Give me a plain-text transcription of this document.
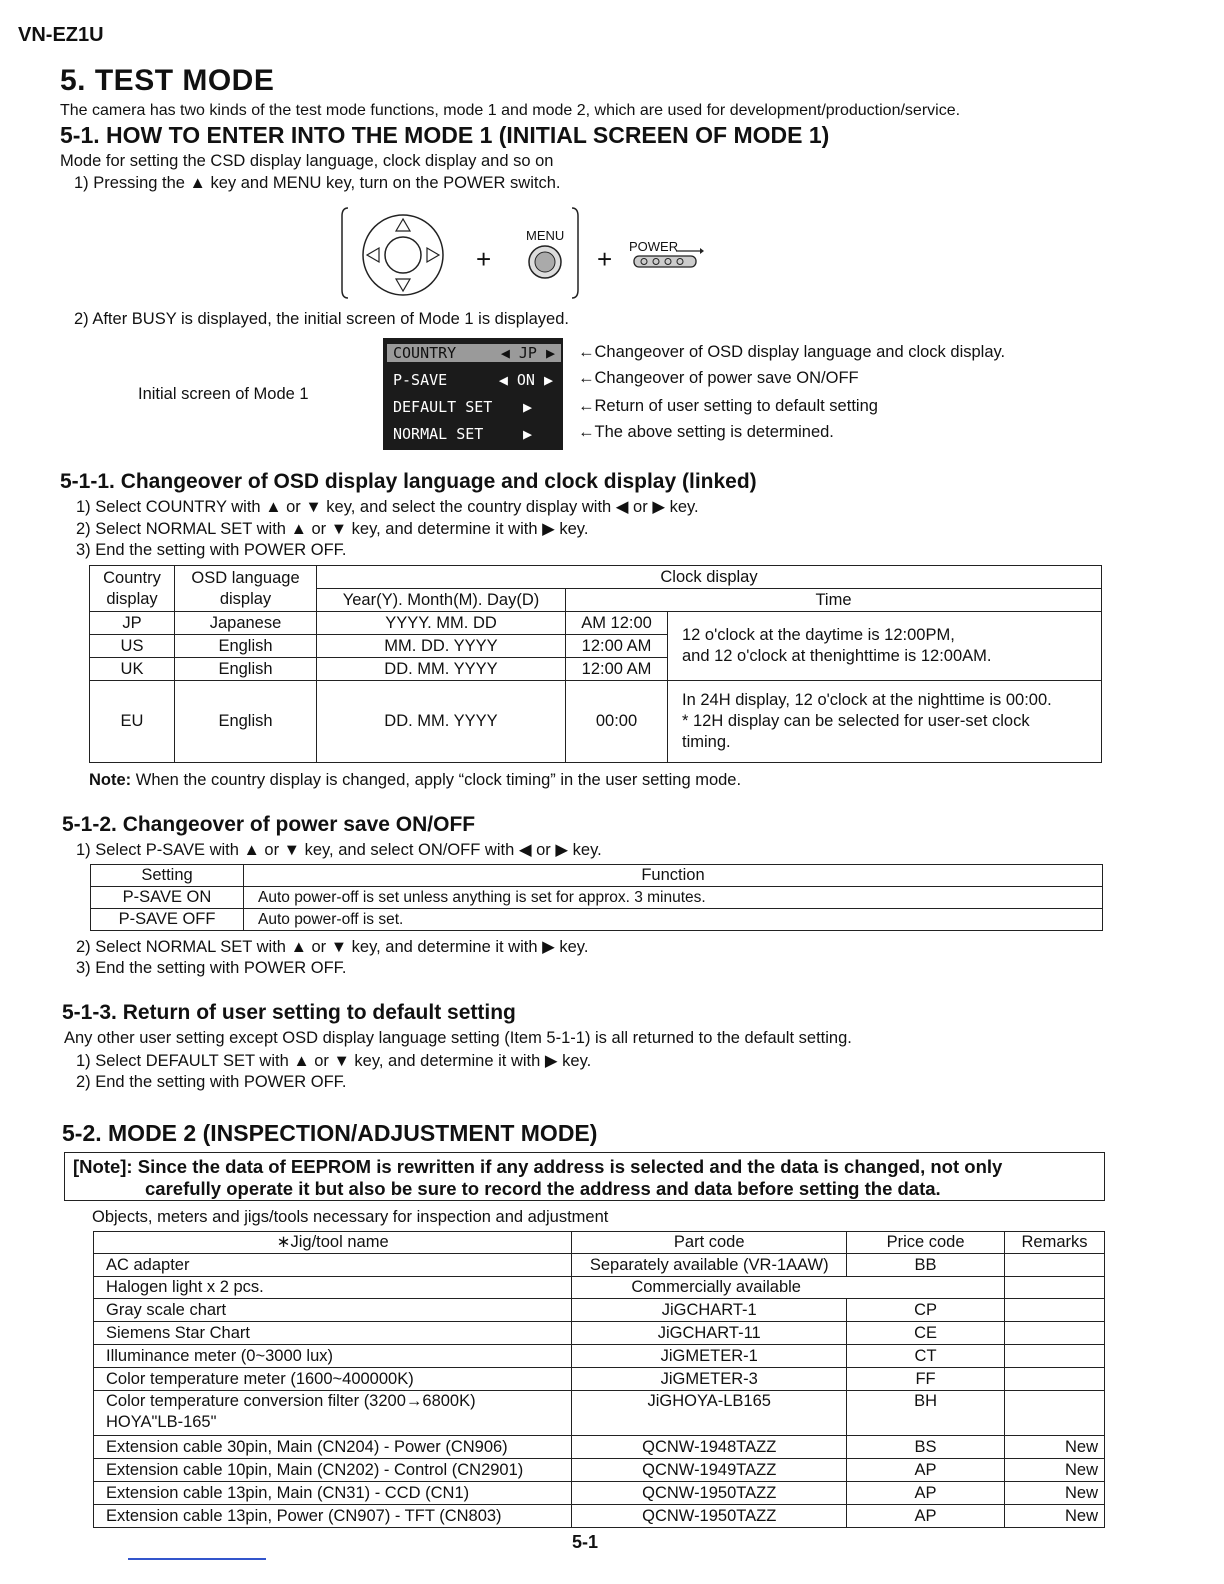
VN-EZ1U
5. TEST MODE
The camera has two kinds of the test mode functions, mode 1 and mode 2, which are used for development/production/service.
5-1. HOW TO ENTER INTO THE MODE 1 (INITIAL SCREEN OF MODE 1)
Mode for setting the CSD display language, clock display and so on
1) Pressing the ▲ key and MENU key, turn on the POWER switch.
+
MENU
+ POWER
2) After BUSY is displayed, the initial screen of Mode 1 is displayed.
Initial screen of Mode 1
COUNTRY	◀ JP ▶
P-SAVE	◀ ON ▶
DEFAULT SET ▶
NORMAL SET	▶
←Changeover of OSD display language and clock display.
←Changeover of power save ON/OFF
←Return of user setting to default setting
←The above setting is determined.
5-1-1. Changeover of OSD display language and clock display (linked)
1) Select COUNTRY with ▲ or ▼ key, and select the country display with ◀ or ▶ key.
2) Select NORMAL SET with ▲ or ▼ key, and determine it with ▶ key.
3) End the setting with POWER OFF.
Country display	OSD language display	Clock display		
		Year(Y). Month(M). Day(D)	Time	
JP	Japanese	YYYY. MM. DD	AM 12:00	12 o'clock at the daytime is 12:00PM,
and 12 o'clock at thenighttime is 12:00AM.

US	English	MM. DD. YYYY	12:00 AM	
UK	English	DD. MM. YYYY	12:00 AM	
EU	English	DD. MM. YYYY	00:00	In 24H display, 12 o'clock at the nighttime is 00:00.
* 12H display can be selected for user-set clock timing.
Note: When the country display is changed, apply “clock timing” in the user setting mode.
5-1-2. Changeover of power save ON/OFF
1) Select P-SAVE with ▲ or ▼ key, and select ON/OFF with ◀ or ▶ key.
Setting	Function
P-SAVE ON	Auto power-off is set unless anything is set for approx. 3 minutes.
P-SAVE OFF	Auto power-off is set.
2) Select NORMAL SET with ▲ or ▼ key, and determine it with ▶ key.
3) End the setting with POWER OFF.
5-1-3. Return of user setting to default setting
Any other user setting except OSD display language setting (Item 5-1-1) is all returned to the default setting.
1) Select DEFAULT SET with ▲ or ▼ key, and determine it with ▶ key.
2) End the setting with POWER OFF.
5-2. MODE 2 (INSPECTION/ADJUSTMENT MODE)
[Note]: Since the data of EEPROM is rewritten if any address is selected and the data is changed, not only
carefully operate it but also be sure to record the address and data before setting the data.
Objects, meters and jigs/tools necessary for inspection and adjustment
∗Jig/tool name	Part code	Price code	Remarks
AC adapter	Separately available (VR-1AAW)	BB	
Halogen light x 2 pcs.	Commercially available		
Gray scale chart	JiGCHART-1	CP	
Siemens Star Chart	JiGCHART-11	CE	
Illuminance meter (0~3000 lux)	JiGMETER-1	CT	
Color temperature meter (1600~400000K)	JiGMETER-3	FF	

Color temperature conversion filter (3200→6800K)
HOYA"LB-165"	JiGHOYA-LB165	BH	
Extension cable 30pin, Main (CN204) - Power (CN906)	QCNW-1948TAZZ	BS	New
Extension cable 10pin, Main (CN202) - Control (CN2901)	QCNW-1949TAZZ	AP	New
Extension cable 13pin, Main (CN31) - CCD (CN1)	QCNW-1950TAZZ	AP	New
Extension cable 13pin, Power (CN907) - TFT (CN803)	QCNW-1950TAZZ	AP	New
5-1
